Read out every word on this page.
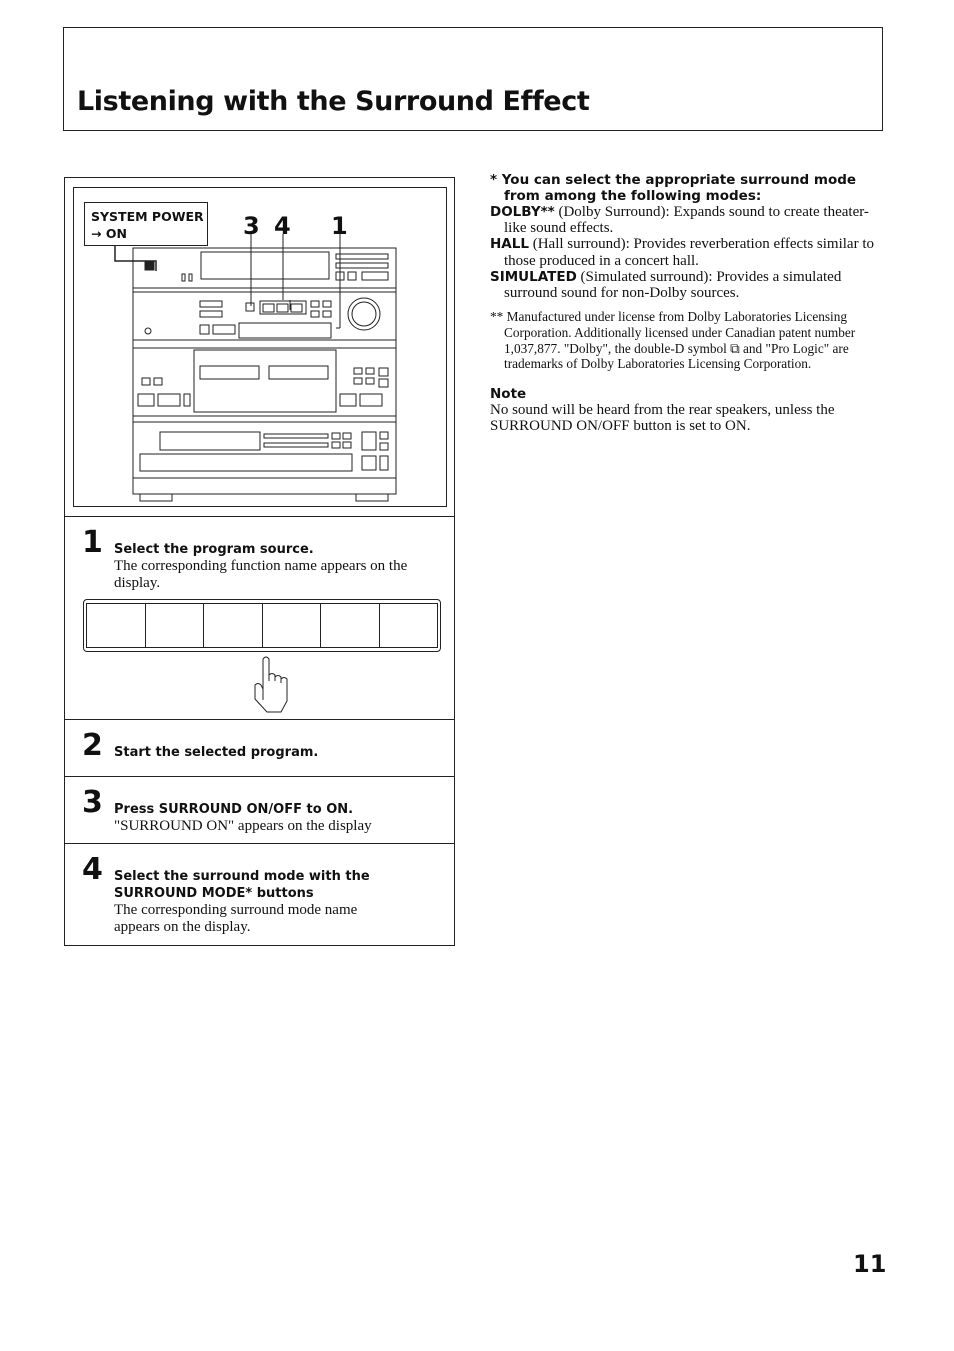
Listening with the Surround Effect
SYSTEM POWER
→ ON	3 4 1
1 Select the program source.
The corresponding function name appears on the display.
2 Start the selected program.
3 Press SURROUND ON/OFF to ON.
"SURROUND ON" appears on the display
4 Select the surround mode with the SURROUND MODE* buttons
The corresponding surround mode name appears on the display.
* You can select the appropriate surround mode from among the following modes:
DOLBY** (Dolby Surround): Expands sound to create theater-like sound effects.
HALL (Hall surround): Provides reverberation effects similar to those produced in a concert hall.
SIMULATED (Simulated surround): Provides a simulated surround sound for non-Dolby sources.
** Manufactured under license from Dolby Laboratories Licensing Corporation. Additionally licensed under Canadian patent number 1,037,877. "Dolby", the double-D symbol ⧉ and "Pro Logic" are trademarks of Dolby Laboratories Licensing Corporation.
Note
No sound will be heard from the rear speakers, unless the SURROUND ON/OFF button is set to ON.
11
